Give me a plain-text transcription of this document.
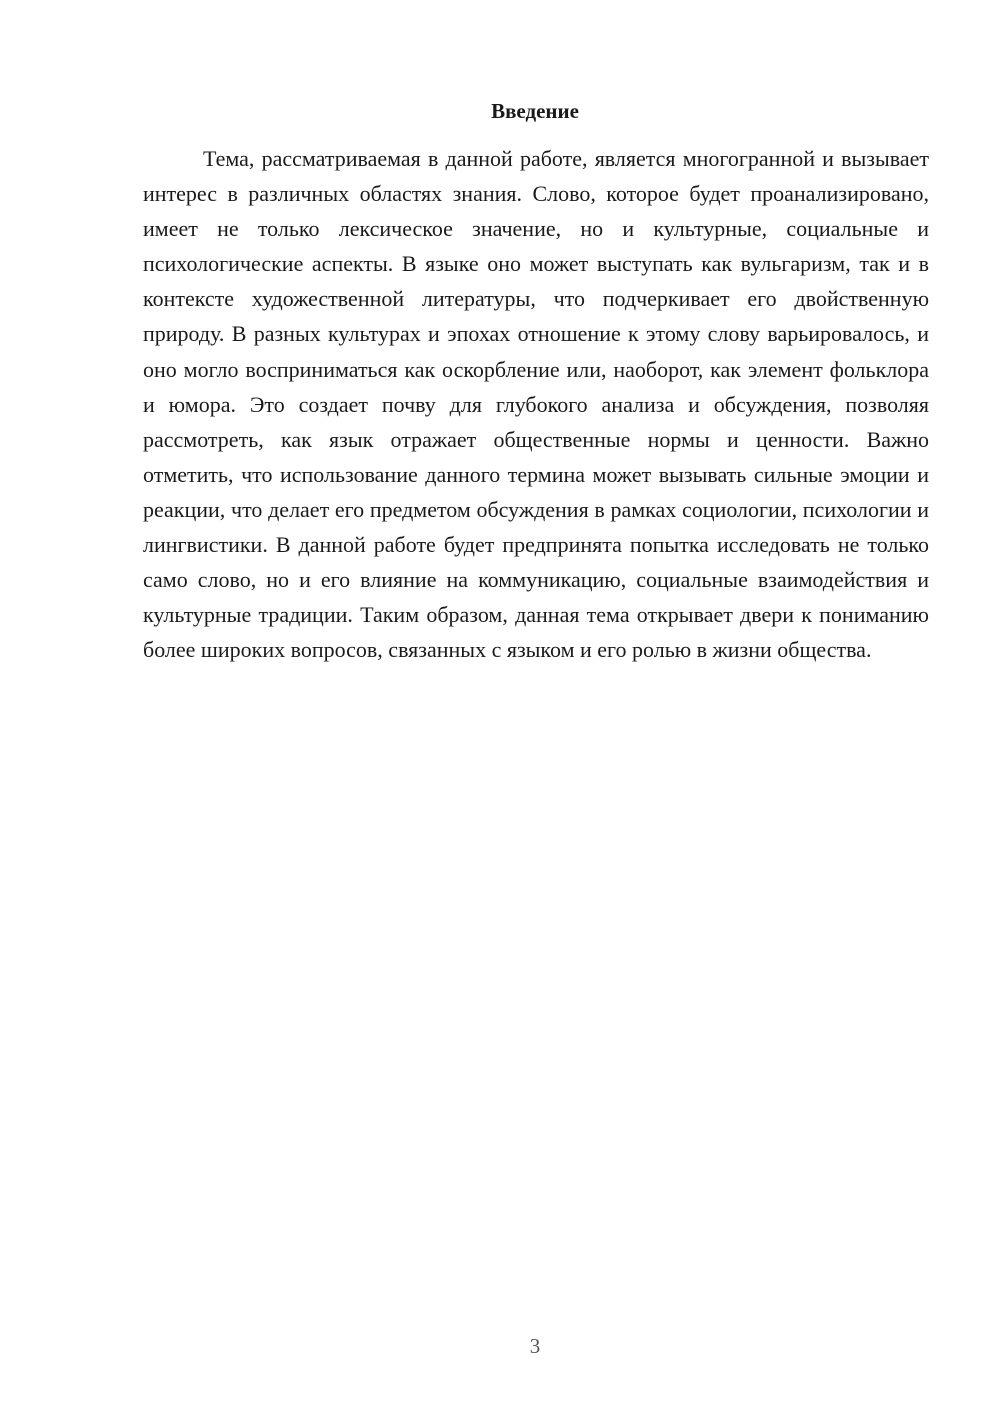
Введение

Тема, рассматриваемая в данной работе, является многогранной и вызывает интерес в различных областях знания. Слово, которое будет проанализировано, имеет не только лексическое значение, но и культурные, социальные и психологические аспекты. В языке оно может выступать как вульгаризм, так и в контексте художественной литературы, что подчеркивает его двойственную природу. В разных культурах и эпохах отношение к этому слову варьировалось, и оно могло восприниматься как оскорбление или, наоборот, как элемент фольклора и юмора. Это создает почву для глубокого анализа и обсуждения, позволяя рассмотреть, как язык отражает общественные нормы и ценности. Важно отметить, что использование данного термина может вызывать сильные эмоции и реакции, что делает его предметом обсуждения в рамках социологии, психологии и лингвистики. В данной работе будет предпринята попытка исследовать не только само слово, но и его влияние на коммуникацию, социальные взаимодействия и культурные традиции. Таким образом, данная тема открывает двери к пониманию более широких вопросов, связанных с языком и его ролью в жизни общества.

3
